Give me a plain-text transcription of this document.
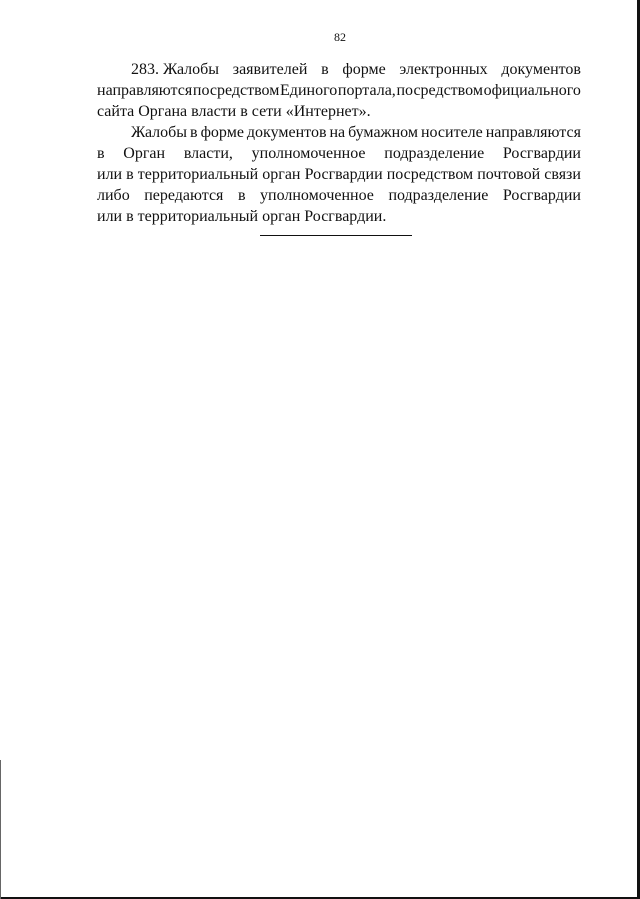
82
283. Жалобы заявителей в форме электронных документов
направляются посредством Единого портала, посредством официального
сайта Органа власти в сети «Интернет».
Жалобы в форме документов на бумажном носителе направляются
в Орган власти, уполномоченное подразделение Росгвардии
или в территориальный орган Росгвардии посредством почтовой связи
либо передаются в уполномоченное подразделение Росгвардии
или в территориальный орган Росгвардии.
